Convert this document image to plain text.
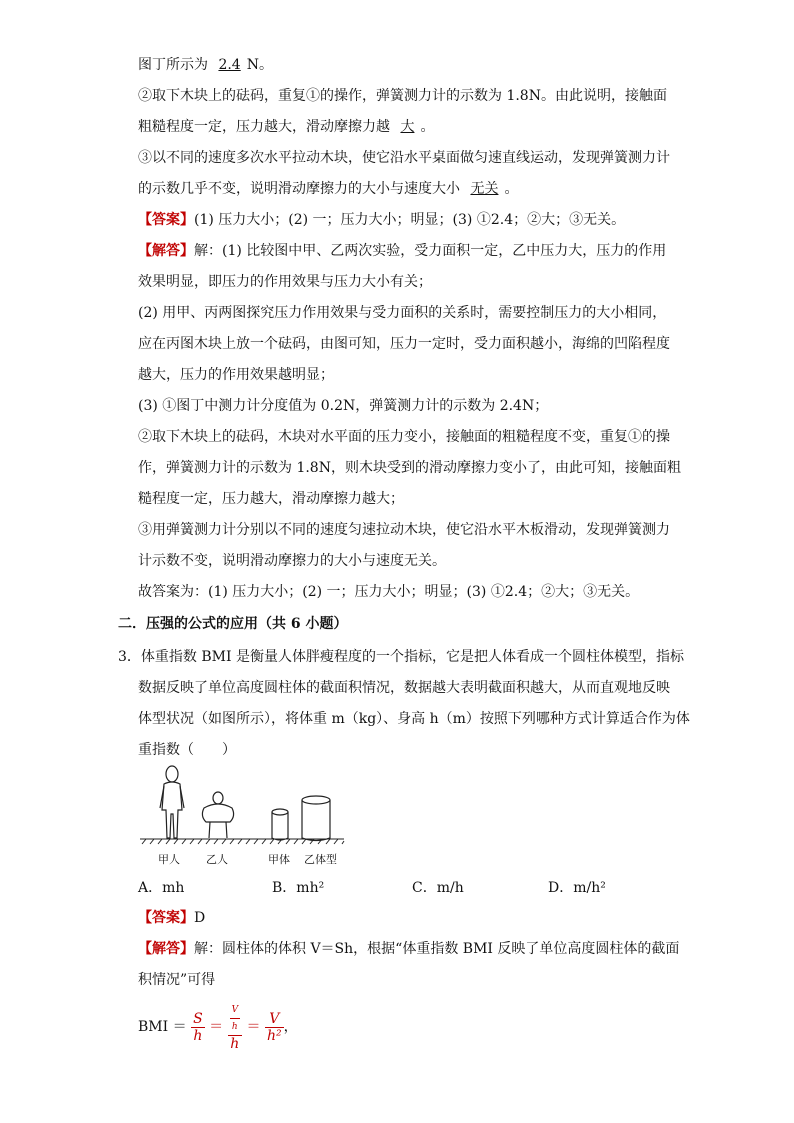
图丁所示为 2.4 N。
②取下木块上的砝码，重复①的操作，弹簧测力计的示数为 1.8N。由此说明，接触面
粗糙程度一定，压力越大，滑动摩擦力越 大 。
③以不同的速度多次水平拉动木块，使它沿水平桌面做匀速直线运动，发现弹簧测力计
的示数几乎不变，说明滑动摩擦力的大小与速度大小 无关 。
【答案】(1) 压力大小；(2) 一；压力大小；明显；(3) ①2.4；②大；③无关。
【解答】解：(1) 比较图中甲、乙两次实验，受力面积一定，乙中压力大，压力的作用
效果明显，即压力的作用效果与压力大小有关；
(2) 用甲、丙两图探究压力作用效果与受力面积的关系时，需要控制压力的大小相同，
应在丙图木块上放一个砝码，由图可知，压力一定时，受力面积越小，海绵的凹陷程度
越大，压力的作用效果越明显；
(3) ①图丁中测力计分度值为 0.2N，弹簧测力计的示数为 2.4N；
②取下木块上的砝码，木块对水平面的压力变小，接触面的粗糙程度不变，重复①的操
作，弹簧测力计的示数为 1.8N，则木块受到的滑动摩擦力变小了，由此可知，接触面粗
糙程度一定，压力越大，滑动摩擦力越大；
③用弹簧测力计分别以不同的速度匀速拉动木块，使它沿水平木板滑动，发现弹簧测力
计示数不变，说明滑动摩擦力的大小与速度无关。
故答案为：(1) 压力大小；(2) 一；压力大小；明显；(3) ①2.4；②大；③无关。
二．压强的公式的应用（共 6 小题）
3．体重指数 BMI 是衡量人体胖瘦程度的一个指标，它是把人体看成一个圆柱体模型，指标
数据反映了单位高度圆柱体的截面积情况，数据越大表明截面积越大，从而直观地反映
体型状况（如图所示），将体重 m（kg）、身高 h（m）按照下列哪种方式计算适合作为体
重指数（　　）
甲人 乙人	甲体 乙体型
A．mh	B．mh²	C．m/h	D．m/h²
【答案】D
【解答】解：圆柱体的体积 V＝Sh，根据“体重指数 BMI 反映了单位高度圆柱体的截面
积情况”可得
BMI ＝ $\frac{S}{h} = \frac{\frac{V}{h}}{h} = \frac{V}{\text{h²}}$ ，
